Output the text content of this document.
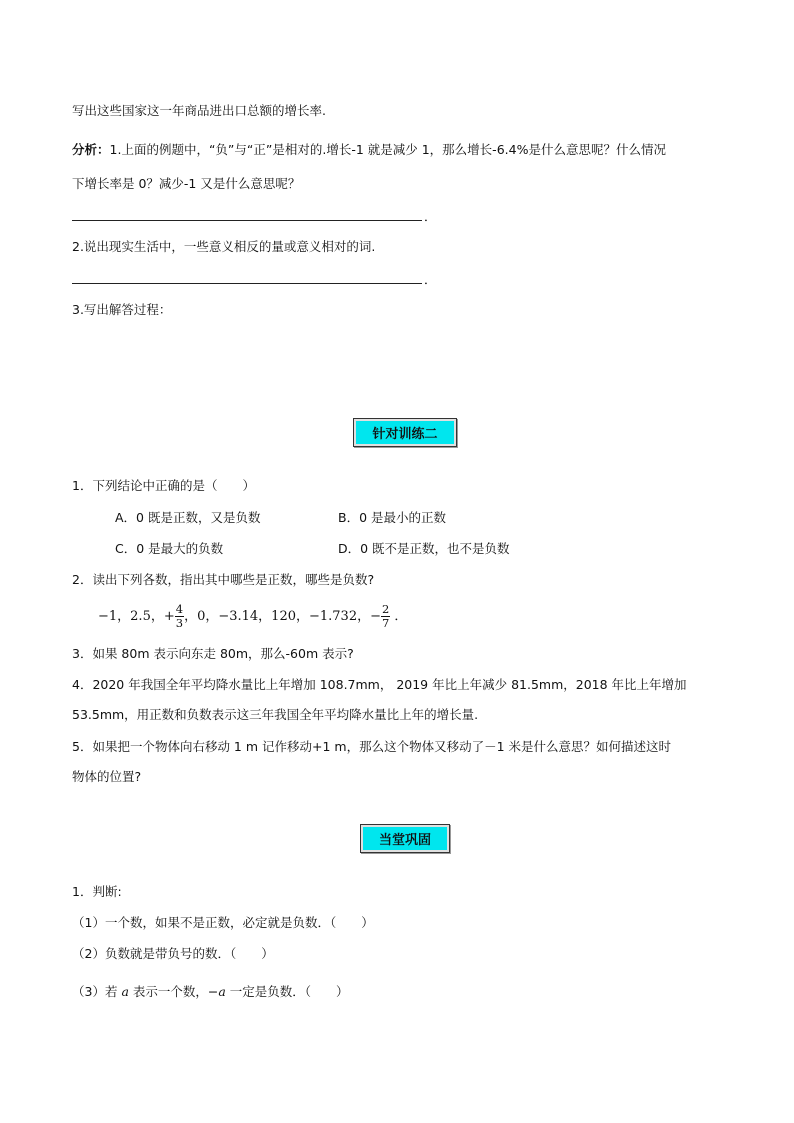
写出这些国家这一年商品进出口总额的增长率.
分析：1.上面的例题中，“负”与“正”是相对的.增长-1 就是减少 1，那么增长-6.4%是什么意思呢？什么情况
下增长率是 0？减少-1 又是什么意思呢？
．
2.说出现实生活中，一些意义相反的量或意义相对的词.
．
3.写出解答过程：
针对训练二
1．下列结论中正确的是（　　）
A．0 既是正数，又是负数	B．0 是最小的正数
C．0 是最大的负数	D．0 既不是正数，也不是负数
2．读出下列各数，指出其中哪些是正数，哪些是负数?
−1，2.5，+ $\frac{4}{3}$ ，0，−3.14，120，−1.732，− $\frac{2}{7}$ ．
3．如果 80m 表示向东走 80m，那么-60m 表示?
4．2020 年我国全年平均降水量比上年增加 108.7mm， 2019 年比上年减少 81.5mm，2018 年比上年增加
53.5mm，用正数和负数表示这三年我国全年平均降水量比上年的增长量.
5．如果把一个物体向右移动 1 m 记作移动+1 m，那么这个物体又移动了－1 米是什么意思？如何描述这时
物体的位置?
当堂巩固
1．判断:
（1）一个数，如果不是正数，必定就是负数．（　　）
（2）负数就是带负号的数．（　　）
（3）若 a 表示一个数，−a 一定是负数．（　　）
